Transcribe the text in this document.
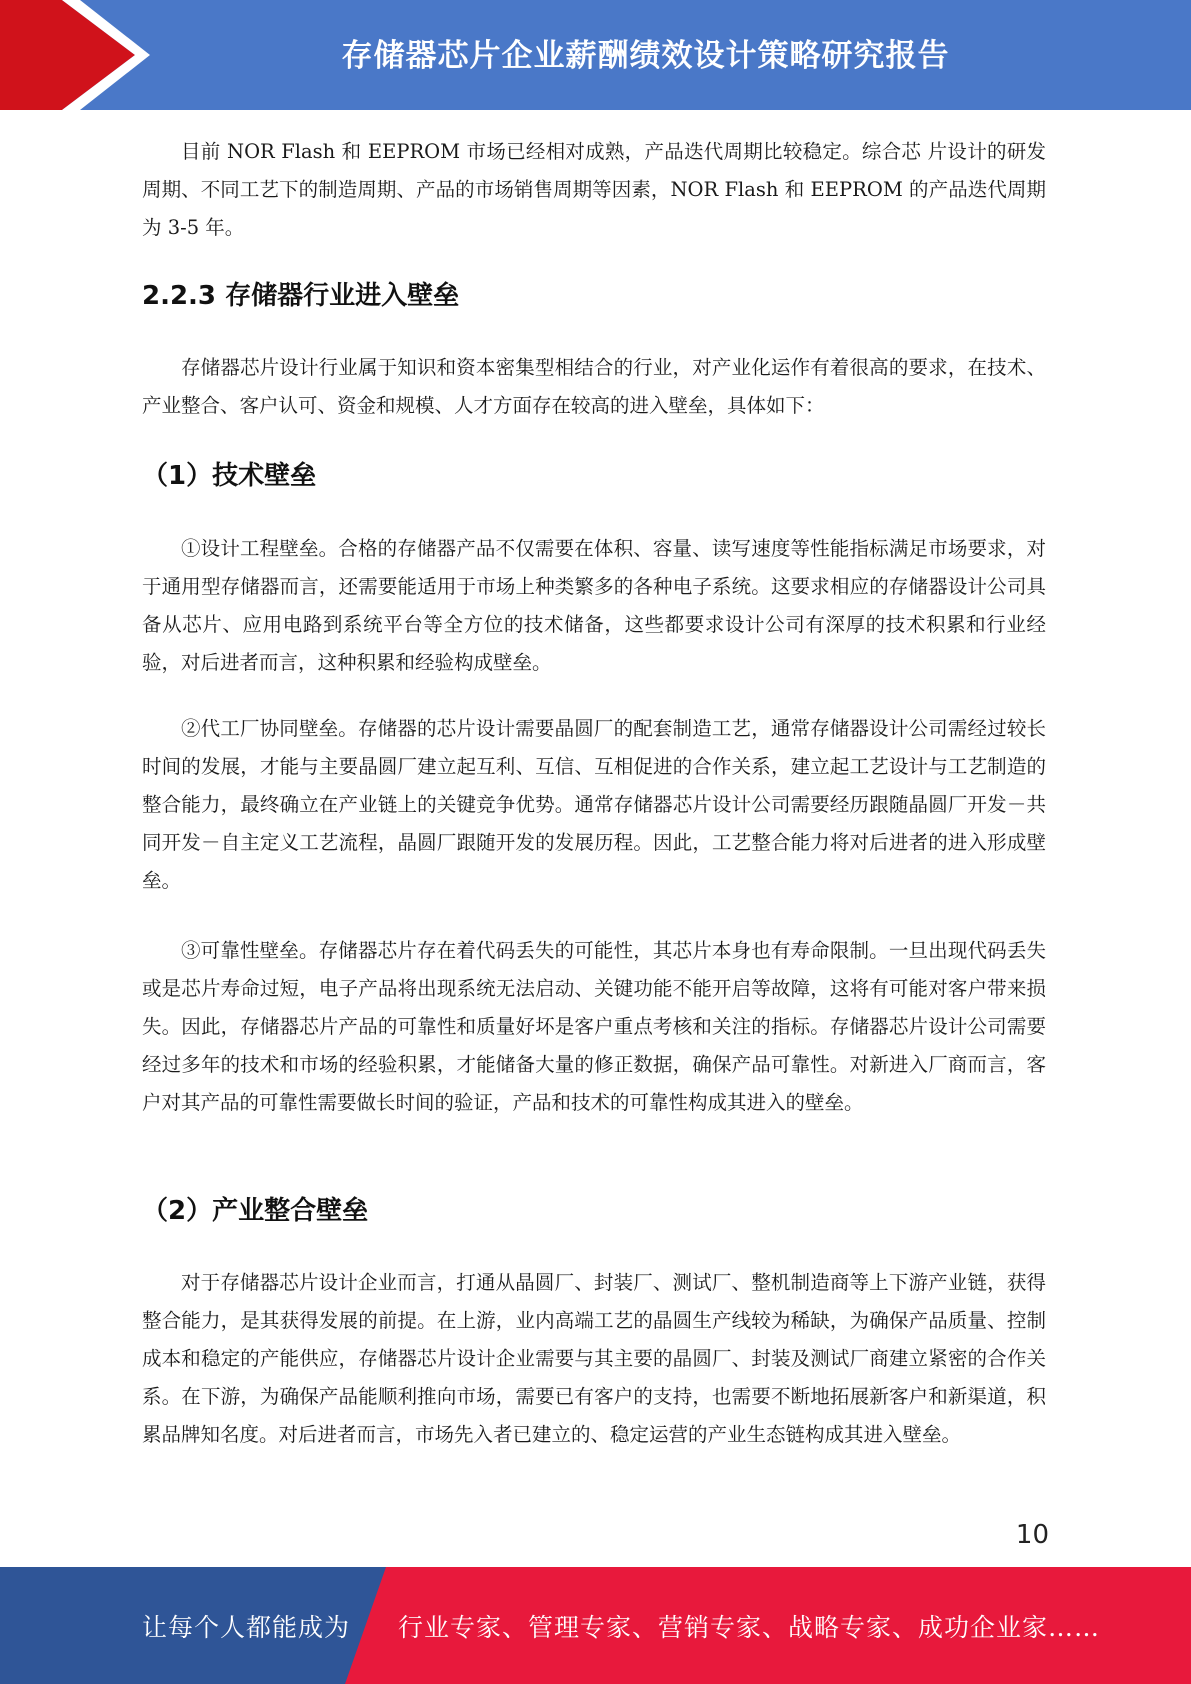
存储器芯片企业薪酬绩效设计策略研究报告

目前 NOR Flash 和 EEPROM 市场已经相对成熟，产品迭代周期比较稳定。综合芯 片设计的研发周期、不同工艺下的制造周期、产品的市场销售周期等因素，NOR Flash 和 EEPROM 的产品迭代周期为 3-5 年。

2.2.3 存储器行业进入壁垒

存储器芯片设计行业属于知识和资本密集型相结合的行业，对产业化运作有着很高的要求，在技术、产业整合、客户认可、资金和规模、人才方面存在较高的进入壁垒，具体如下：

（1）技术壁垒

①设计工程壁垒。合格的存储器产品不仅需要在体积、容量、读写速度等性能指标满足市场要求，对于通用型存储器而言，还需要能适用于市场上种类繁多的各种电子系统。这要求相应的存储器设计公司具备从芯片、应用电路到系统平台等全方位的技术储备，这些都要求设计公司有深厚的技术积累和行业经验，对后进者而言，这种积累和经验构成壁垒。

②代工厂协同壁垒。存储器的芯片设计需要晶圆厂的配套制造工艺，通常存储器设计公司需经过较长时间的发展，才能与主要晶圆厂建立起互利、互信、互相促进的合作关系，建立起工艺设计与工艺制造的整合能力，最终确立在产业链上的关键竞争优势。通常存储器芯片设计公司需要经历跟随晶圆厂开发－共同开发－自主定义工艺流程，晶圆厂跟随开发的发展历程。因此，工艺整合能力将对后进者的进入形成壁垒。

③可靠性壁垒。存储器芯片存在着代码丢失的可能性，其芯片本身也有寿命限制。一旦出现代码丢失或是芯片寿命过短，电子产品将出现系统无法启动、关键功能不能开启等故障，这将有可能对客户带来损失。因此，存储器芯片产品的可靠性和质量好坏是客户重点考核和关注的指标。存储器芯片设计公司需要经过多年的技术和市场的经验积累，才能储备大量的修正数据，确保产品可靠性。对新进入厂商而言，客户对其产品的可靠性需要做长时间的验证，产品和技术的可靠性构成其进入的壁垒。

（2）产业整合壁垒

对于存储器芯片设计企业而言，打通从晶圆厂、封装厂、测试厂、整机制造商等上下游产业链，获得整合能力，是其获得发展的前提。在上游，业内高端工艺的晶圆生产线较为稀缺，为确保产品质量、控制成本和稳定的产能供应，存储器芯片设计企业需要与其主要的晶圆厂、封装及测试厂商建立紧密的合作关系。在下游，为确保产品能顺利推向市场，需要已有客户的支持，也需要不断地拓展新客户和新渠道，积累品牌知名度。对后进者而言，市场先入者已建立的、稳定运营的产业生态链构成其进入壁垒。

10
让每个人都能成为 行业专家、管理专家、营销专家、战略专家、成功企业家……
